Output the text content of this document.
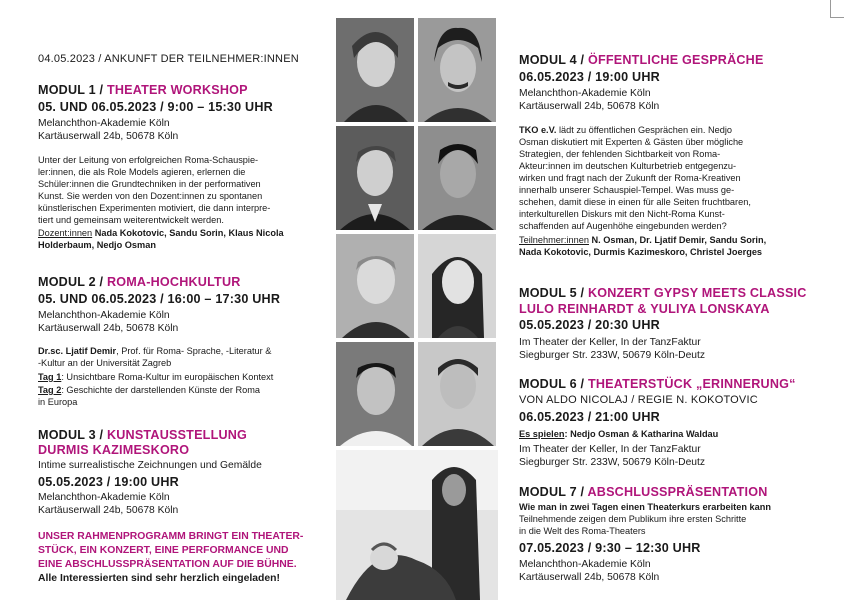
04.05.2023 / ANKUNFT DER TEILNEHMER:INNEN
MODUL 1 / THEATER WORKSHOP
05. UND 06.05.2023 / 9:00 – 15:30 UHR
Melanchthon-Akademie Köln
Kartäuserwall 24b, 50678 Köln
Unter der Leitung von erfolgreichen Roma-Schauspie-
ler:innen, die als Role Models agieren, erlernen die
Schüler:innen die Grundtechniken in der performativen
Kunst. Sie werden von den Dozent:innen zu spontanen
künstlerischen Experimenten motiviert, die dann interpre-
tiert und gemeinsam weiterentwickelt werden.
Dozent:innen Nada Kokotovic, Sandu Sorin, Klaus Nicola
Holderbaum, Nedjo Osman
MODUL 2 / ROMA-HOCHKULTUR
05. UND 06.05.2023 / 16:00 – 17:30 UHR
Melanchthon-Akademie Köln
Kartäuserwall 24b, 50678 Köln
Dr.sc. Ljatif Demir, Prof. für Roma- Sprache, -Literatur &
-Kultur an der Universität Zagreb
Tag 1: Unsichtbare Roma-Kultur im europäischen Kontext
Tag 2: Geschichte der darstellenden Künste der Roma
in Europa
MODUL 3 / KUNSTAUSSTELLUNG
DURMIS KAZIMESKORO
Intime surrealistische Zeichnungen und Gemälde
05.05.2023 / 19:00 UHR
Melanchthon-Akademie Köln
Kartäuserwall 24b, 50678 Köln
UNSER RAHMENPROGRAMM BRINGT EIN THEATER-
STÜCK, EIN KONZERT, EINE PERFORMANCE UND
EINE ABSCHLUSSPRÄSENTATION AUF DIE BÜHNE.
Alle Interessierten sind sehr herzlich eingeladen!
MODUL 4 / ÖFFENTLICHE GESPRÄCHE
06.05.2023 / 19:00 UHR
Melanchthon-Akademie Köln
Kartäuserwall 24b, 50678 Köln
TKO e.V. lädt zu öffentlichen Gesprächen ein. Nedjo
Osman diskutiert mit Experten & Gästen über mögliche
Strategien, der fehlenden Sichtbarkeit von Roma-
Akteur:innen im deutschen Kulturbetrieb entgegenzu-
wirken und fragt nach der Zukunft der Roma-Kreativen
innerhalb unserer Schauspiel-Tempel. Was muss ge-
schehen, damit diese in einen für alle Seiten fruchtbaren,
interkulturellen Diskurs mit den Nicht-Roma Kunst-
schaffenden auf Augenhöhe eingebunden werden?
Teilnehmer:innen N. Osman, Dr. Ljatif Demir, Sandu Sorin,
Nada Kokotovic, Durmis Kazimeskoro, Christel Joerges
MODUL 5 / KONZERT GYPSY MEETS CLASSIC
LULO REINHARDT & YULIYA LONSKAYA
05.05.2023 / 20:30 UHR
Im Theater der Keller, In der TanzFaktur
Siegburger Str. 233W, 50679 Köln-Deutz
MODUL 6 / THEATERSTÜCK „ERINNERUNG“
VON ALDO NICOLAJ / REGIE N. KOKOTOVIC
06.05.2023 / 21:00 UHR
Es spielen: Nedjo Osman & Katharina Waldau
Im Theater der Keller, In der TanzFaktur
Siegburger Str. 233W, 50679 Köln-Deutz
MODUL 7 / ABSCHLUSSPRÄSENTATION
Wie man in zwei Tagen einen Theaterkurs erarbeiten kann
Teilnehmende zeigen dem Publikum ihre ersten Schritte
in die Welt des Roma-Theaters
07.05.2023 / 9:30 – 12:30 UHR
Melanchthon-Akademie Köln
Kartäuserwall 24b, 50678 Köln
